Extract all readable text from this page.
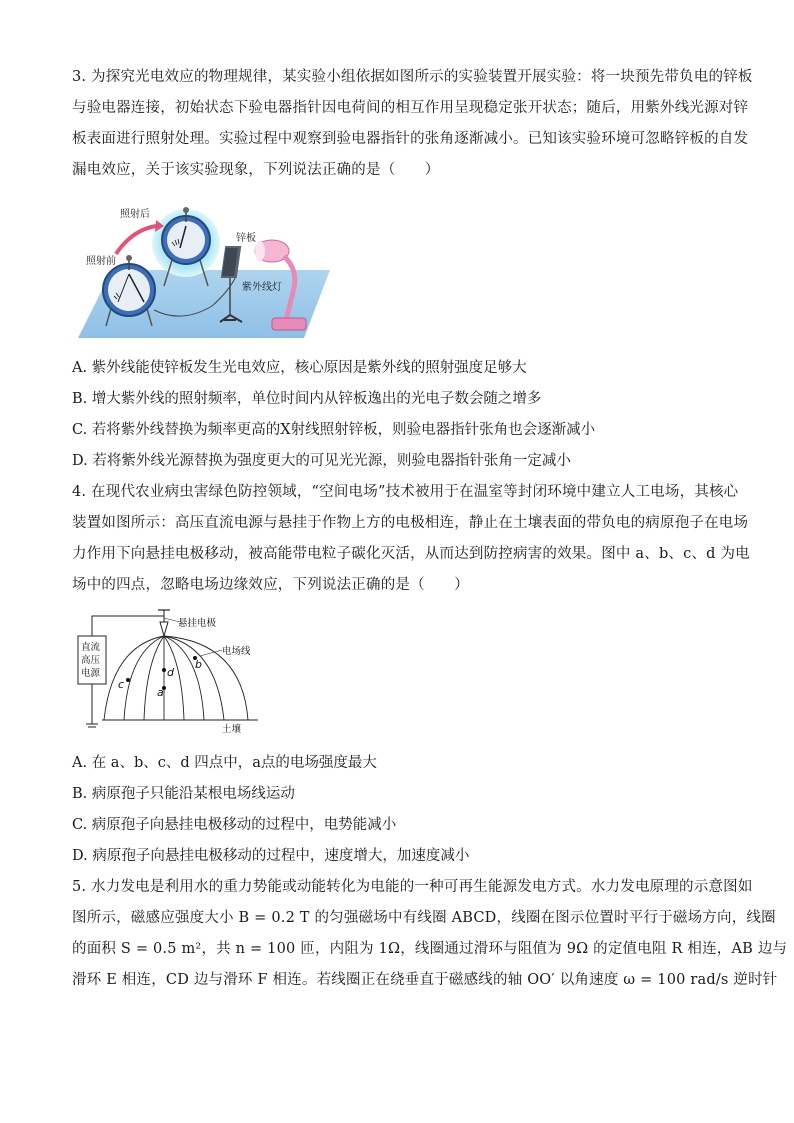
3. 为探究光电效应的物理规律，某实验小组依据如图所示的实验装置开展实验：将一块预先带负电的锌板
与验电器连接，初始状态下验电器指针因电荷间的相互作用呈现稳定张开状态；随后，用紫外线光源对锌
板表面进行照射处理。实验过程中观察到验电器指针的张角逐渐减小。已知该实验环境可忽略锌板的自发
漏电效应，关于该实验现象，下列说法正确的是（　　）
照射前
照射后
锌板
紫外线灯
A. 紫外线能使锌板发生光电效应，核心原因是紫外线的照射强度足够大
B. 增大紫外线的照射频率，单位时间内从锌板逸出的光电子数会随之增多
C. 若将紫外线替换为频率更高的X射线照射锌板，则验电器指针张角也会逐渐减小
D. 若将紫外线光源替换为强度更大的可见光光源，则验电器指针张角一定减小
4. 在现代农业病虫害绿色防控领域，“空间电场”技术被用于在温室等封闭环境中建立人工电场，其核心
装置如图所示：高压直流电源与悬挂于作物上方的电极相连，静止在土壤表面的带负电的病原孢子在电场
力作用下向悬挂电极移动，被高能带电粒子碳化灭活，从而达到防控病害的效果。图中 a、b、c、d 为电
场中的四点，忽略电场边缘效应，下列说法正确的是（　　）
直流
高压
电源
悬挂电极
电场线
a
d
b
c
土壤
A. 在 a、b、c、d 四点中，a点的电场强度最大
B. 病原孢子只能沿某根电场线运动
C. 病原孢子向悬挂电极移动的过程中，电势能减小
D. 病原孢子向悬挂电极移动的过程中，速度增大，加速度减小
5. 水力发电是利用水的重力势能或动能转化为电能的一种可再生能源发电方式。水力发电原理的示意图如
图所示，磁感应强度大小 B = 0.2 T 的匀强磁场中有线圈 ABCD，线圈在图示位置时平行于磁场方向，线圈
的面积 S = 0.5 m²，共 n = 100 匝，内阻为 1Ω，线圈通过滑环与阻值为 9Ω 的定值电阻 R 相连，AB 边与
滑环 E 相连，CD 边与滑环 F 相连。若线圈正在绕垂直于磁感线的轴 OO′ 以角速度 ω = 100 rad/s 逆时针
